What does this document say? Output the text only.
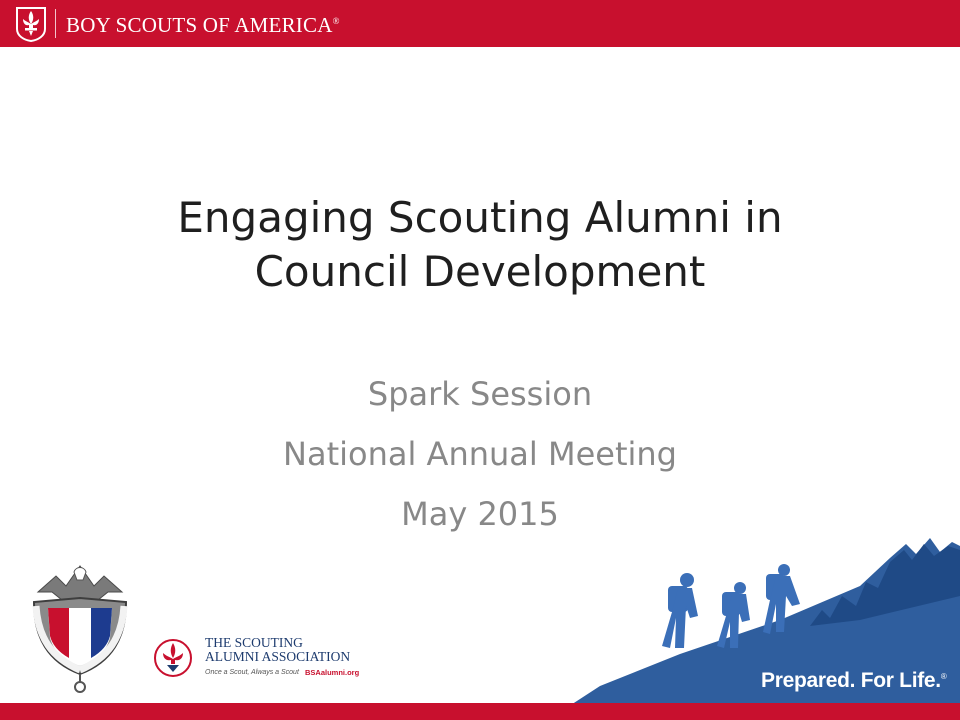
BOY SCOUTS OF AMERICA®
Engaging Scouting Alumni in
Council Development
Spark Session
National Annual Meeting
May 2015
THE SCOUTING
ALUMNI ASSOCIATION
Once a Scout, Always a Scout BSAalumni.org	Prepared. For Life.®
